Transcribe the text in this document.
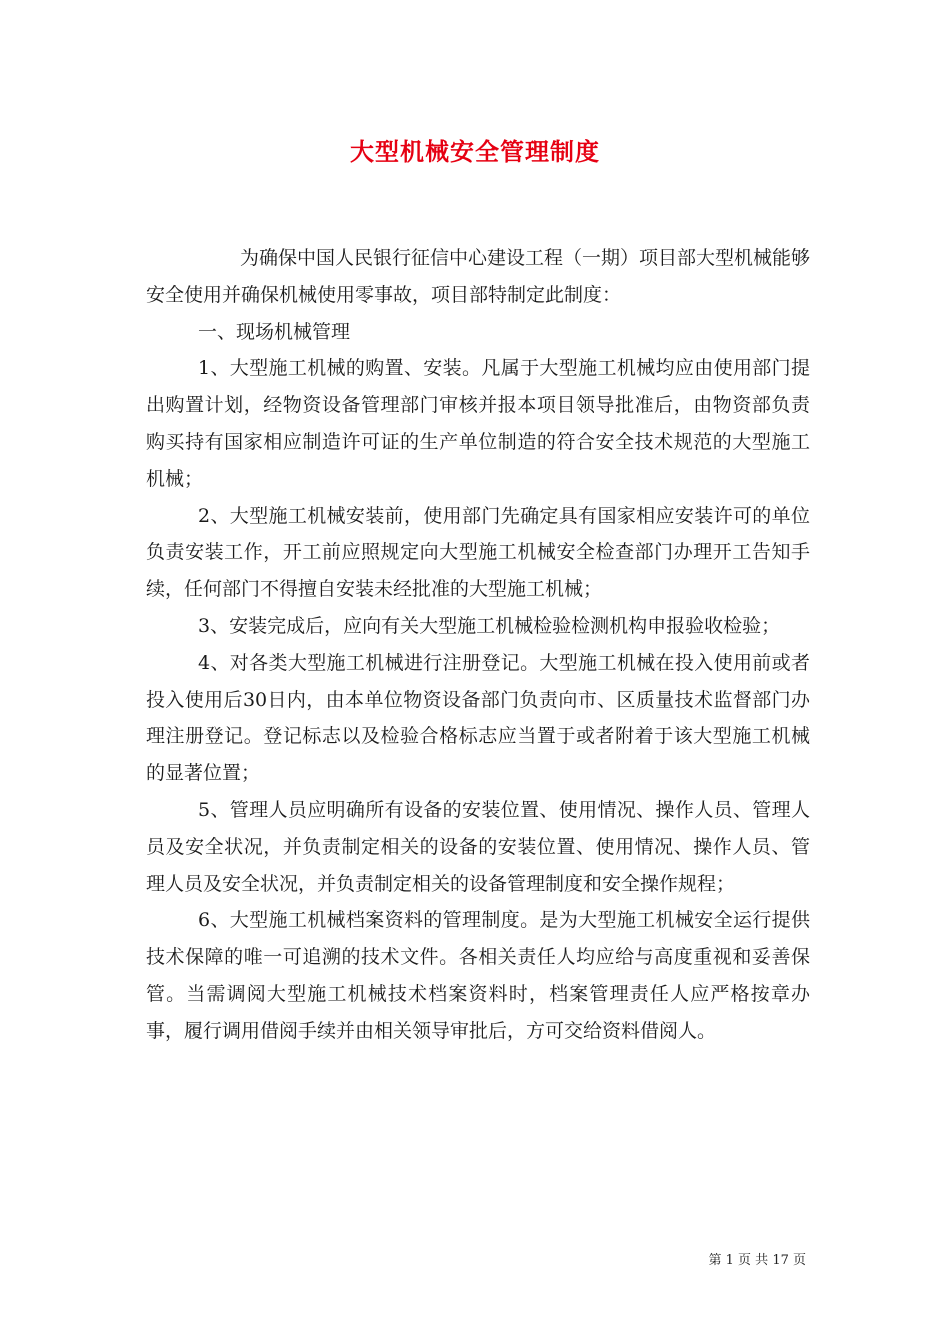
大型机械安全管理制度

为确保中国人民银行征信中心建设工程（一期）项目部大型机械能够安全使用并确保机械使用零事故，项目部特制定此制度：

一、现场机械管理

1、大型施工机械的购置、安装。凡属于大型施工机械均应由使用部门提出购置计划，经物资设备管理部门审核并报本项目领导批准后，由物资部负责购买持有国家相应制造许可证的生产单位制造的符合安全技术规范的大型施工机械；

2、大型施工机械安装前，使用部门先确定具有国家相应安装许可的单位负责安装工作，开工前应照规定向大型施工机械安全检查部门办理开工告知手续，任何部门不得擅自安装未经批准的大型施工机械；

3、安装完成后，应向有关大型施工机械检验检测机构申报验收检验；

4、对各类大型施工机械进行注册登记。大型施工机械在投入使用前或者投入使用后30日内，由本单位物资设备部门负责向市、区质量技术监督部门办理注册登记。登记标志以及检验合格标志应当置于或者附着于该大型施工机械的显著位置；

5、管理人员应明确所有设备的安装位置、使用情况、操作人员、管理人员及安全状况，并负责制定相关的设备的安装位置、使用情况、操作人员、管理人员及安全状况，并负责制定相关的设备管理制度和安全操作规程；

6、大型施工机械档案资料的管理制度。是为大型施工机械安全运行提供技术保障的唯一可追溯的技术文件。各相关责任人均应给与高度重视和妥善保管。当需调阅大型施工机械技术档案资料时，档案管理责任人应严格按章办事，履行调用借阅手续并由相关领导审批后，方可交给资料借阅人。

第 1 页 共 17 页
